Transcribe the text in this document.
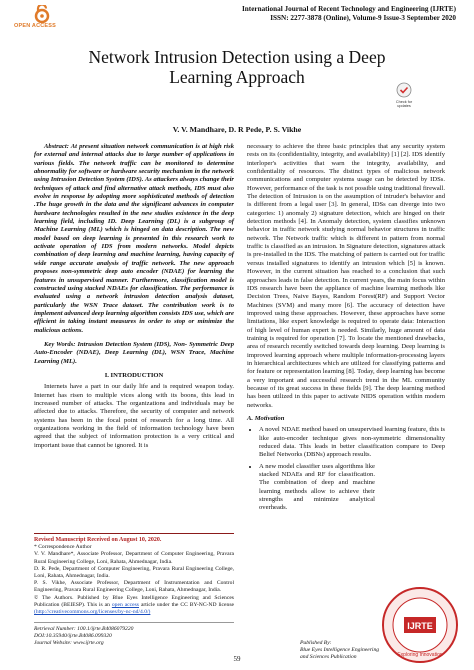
OPEN ACCESS
International Journal of Recent Technology and Engineering (IJRTE)
ISSN: 2277-3878 (Online), Volume-9 Issue-3 September 2020
Network Intrusion Detection using a Deep
Learning Approach
Check for updates
V. V. Mandhare, D. R Pede, P. S. Vikhe

Abstract: At present situation network communication is at high risk for external and internal attacks due to large number of applications in various fields. The network traffic can be monitored to determine abnormality for software or hardware security mechanism in the network using Intrusion Detection System (IDS). As attackers always change their techniques of attack and find alternative attack methods, IDS must also evolve in response by adopting more sophisticated methods of detection .The huge growth in the data and the significant advances in computer hardware technologies resulted in the new studies existence in the deep learning field, including ID. Deep Learning (DL) is a subgroup of Machine Learning (ML) which is hinged on data description. The new model based on deep learning is presented in this research work to activate operation of IDS from modern networks. Model depicts combination of deep learning and machine learning, having capacity of wide range accurate analysis of traffic network. The new approach proposes non-symmetric deep auto encoder (NDAE) for learning the features in unsupervised manner. Furthermore, classification model is constructed using stacked NDAEs for classification. The performance is evaluated using a network intrusion detection analysis dataset, particularly the WSN Trace dataset. The contribution work is to implement advanced deep learning algorithm consists IDS use, which are efficient in taking instant measures in order to stop or minimize the malicious actions.

Key Words: Intrusion Detection System (IDS), Non- Symmetric Deep Auto-Encoder (NDAE), Deep Learning (DL), WSN Trace, Machine Learning (ML).

I. INTRODUCTION

Internets have a part in our daily life and is required weapon today. Internet has risen to multiple vices along with its boons, this lead in increased number of attacks. The organizations and individuals may be affected due to attacks. Therefore, the security of computer and network systems has been in the focal point of research for a long time. All organizations working in the field of information technology have been agreed that the subject of information protection is a very critical and important issue that cannot be ignored. It is

Revised Manuscript Received on August 10, 2020.

* Correspondence Author

V. V. Mandhare*, Associate Professor, Department of Computer Engineering, Pravara Rural Engineering College, Loni, Rahata, Ahmednagar, India.

D. R. Pede, Department of Computer Engineering, Pravara Rural Engineering College, Loni, Rahata, Ahmednagar, India.

P. S. Vikhe, Associate Professor, Department of Instrumentation and Control Engineering, Pravara Rural Engineering College, Loni, Rahata, Ahmednagar, India.

© The Authors. Published by Blue Eyes Intelligence Engineering and Sciences Publication (BEIESP). This is an open access article under the CC BY-NC-ND license (http://creativecommons.org/licenses/by-nc-nd/4.0/)

Retrieval Number: 100.1/ijrte.B4086079220
DOI:10.35940/ijrte.B4086.099320
Journal Website: www.ijrte.org
59

necessary to achieve the three basic principles that any security system rests on its (confidentiality, integrity, and availability) [1] [2]. IDS identify interloper's activities that warn the integrity, availability, and confidentiality of resources. The distinct types of malicious network communications and computer systems usage can be detected by IDSs. However, performance of the task is not possible using traditional firewall. The detection of Intrusion is on the assumption of intruder's behavior and is different from a legal user [3]. In general, IDSs can diverge into two categories: 1) anomaly 2) signature detection, which are hinged on their detection methods [4]. In Anomaly detection, system classifies unknown behavior in traffic network studying normal behavior structures in traffic network. The Network traffic which is different in pattern from normal traffic is classified as an intrusion. In Signature detection, signatures attack is pre-installed in the IDS. The matching of pattern is carried out for traffic versus installed signatures to identify an intrusion which [5] is known. However, in the current situation has reached to a conclusion that such approaches leads in false detection. In current years, the main focus within IDS research have been the appliance of machine learning methods like Decision Trees, Naive Bayes, Random Forest(RF) and Support Vector Machines (SVM) and many more [6]. The accuracy of detection have improved using these approaches. However, these approaches have some limitations, like expert knowledge is required to operate data: Interaction of high level of human expert is needed. Similarly, huge amount of data training is required for operation [7]. To locate the mentioned drawbacks, area of research recently switched towards deep learning. Deep learning is improved learning approach where multiple information-processing layers in hierarchical architectures which are utilized for classifying patterns and for feature or representation learning [8]. Today, deep learning has become a very important and successful research trend in the ML community because of its great success in these fields [9]. The deep learning method has been utilized in this paper to activate NIDS operation within modern networks.

A. Motivation
• A novel NDAE method based on unsupervised learning feature, this is like auto-encoder technique gives non-symmetric dimensionality reduced data. This leads in better classification compare to Deep Belief Networks (DBNs) approach results.
• A new model classifier uses algorithms like stacked NDAEs and RF for classification. The combination of deep and machine learning methods allow to achieve their strengths and minimize analytical overheads.
Published By:
Blue Eyes Intelligence Engineering
and Sciences Publication
IJRTE
Exploring Innovation
